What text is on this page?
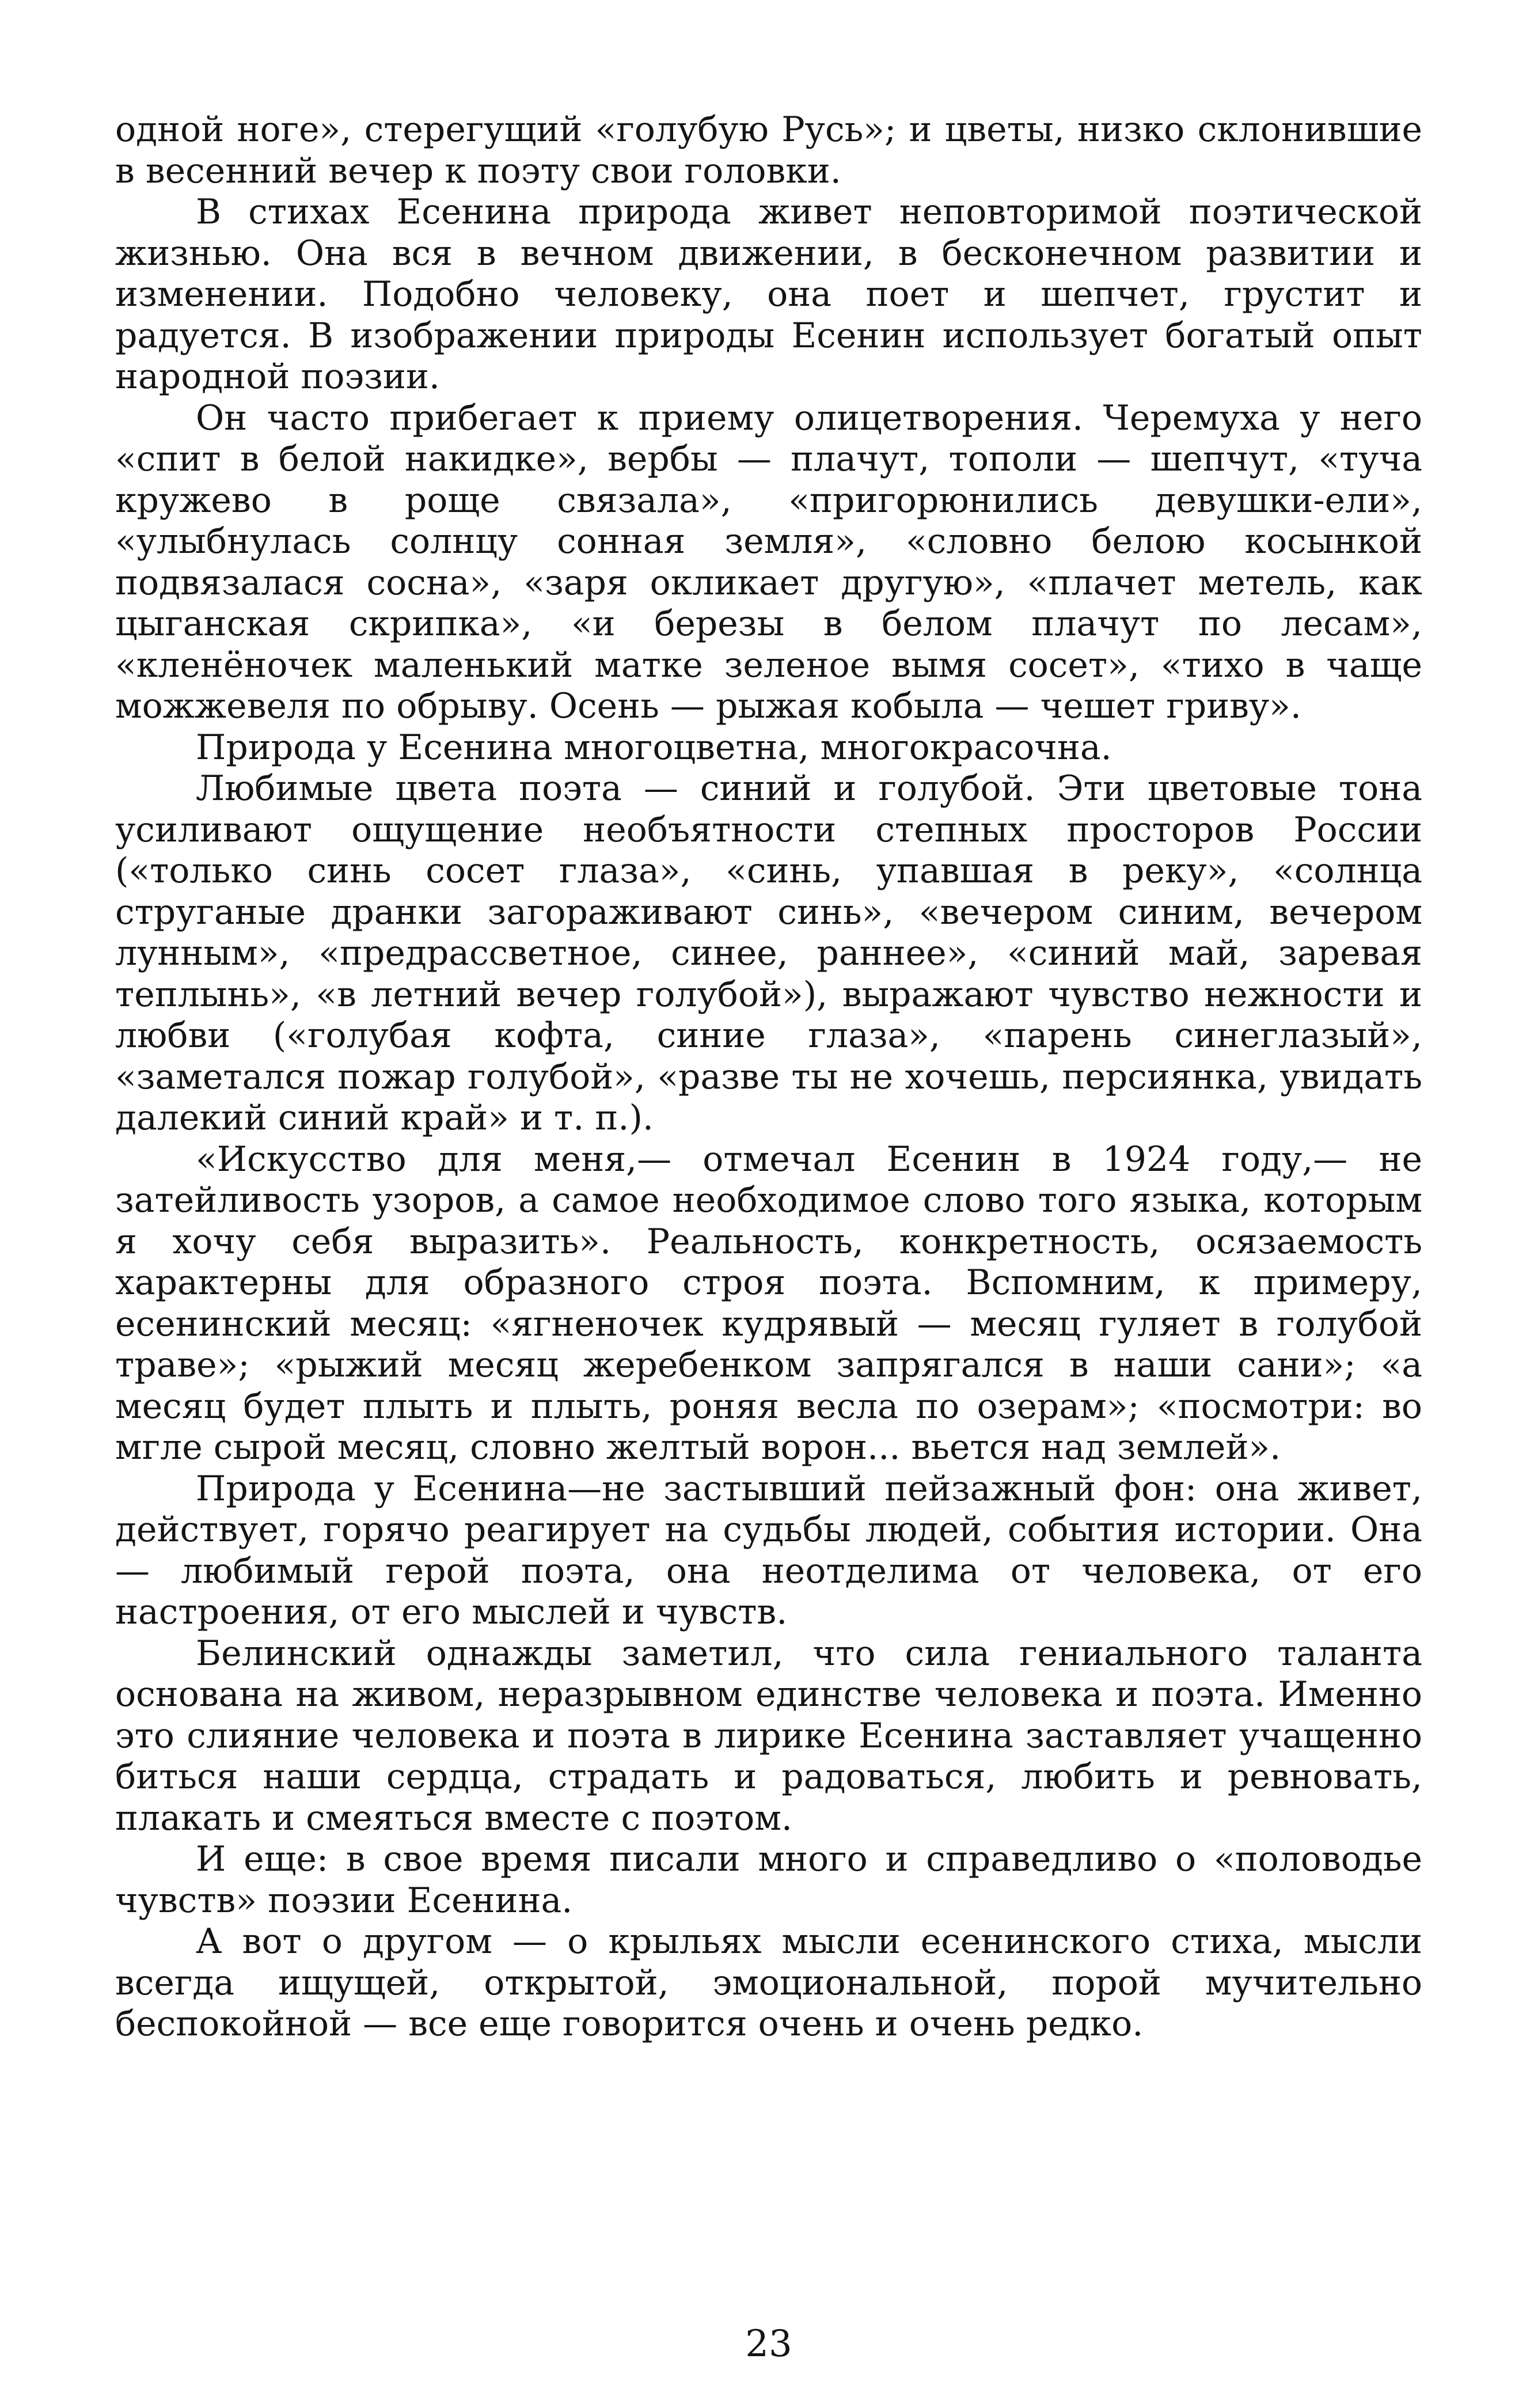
одной ноге», стерегущий «голубую Русь»; и цветы, низко склонившие в весенний вечер к поэту свои головки.

В стихах Есенина природа живет неповторимой поэтической жизнью. Она вся в вечном движении, в бесконечном развитии и изменении. Подобно человеку, она поет и шепчет, грустит и радуется. В изображении природы Есенин использует богатый опыт народной поэзии.

Он часто прибегает к приему олицетворения. Черемуха у него «спит в белой накидке», вербы — плачут, тополи — шепчут, «туча кружево в роще связала», «пригорюнились девушки-ели», «улыбнулась солнцу сонная земля», «словно белою косынкой подвязалася сосна», «заря окликает другую», «плачет метель, как цыганская скрипка», «и березы в белом плачут по лесам», «кленёночек маленький матке зеленое вымя сосет», «тихо в чаще можжевеля по обрыву. Осень — рыжая кобыла — чешет гриву».

Природа у Есенина многоцветна, многокрасочна.

Любимые цвета поэта — синий и голубой. Эти цветовые тона усиливают ощущение необъятности степных просторов России («только синь сосет глаза», «синь, упавшая в реку», «солнца струганые дранки загораживают синь», «вечером синим, вечером лунным», «предрассветное, синее, раннее», «синий май, заревая теплынь», «в летний вечер голубой»), выражают чувство нежности и любви («голубая кофта, синие глаза», «парень синеглазый», «заметался пожар голубой», «разве ты не хочешь, персиянка, увидать далекий синий край» и т. п.).

«Искусство для меня,— отмечал Есенин в 1924 году,— не затейливость узоров, а самое необходимое слово того языка, которым я хочу себя выразить». Реальность, конкретность, осязаемость характерны для образного строя поэта. Вспомним, к примеру, есенинский месяц: «ягненочек кудрявый — месяц гуляет в голубой траве»; «рыжий месяц жеребенком запрягался в наши сани»; «а месяц будет плыть и плыть, роняя весла по озерам»; «посмотри: во мгле сырой месяц, словно желтый ворон... вьется над землей».

Природа у Есенина—не застывший пейзажный фон: она живет, действует, горячо реагирует на судьбы людей, события истории. Она — любимый герой поэта, она неотделима от человека, от его настроения, от его мыслей и чувств.

Белинский однажды заметил, что сила гениального таланта основана на живом, неразрывном единстве человека и поэта. Именно это слияние человека и поэта в лирике Есенина заставляет учащенно биться наши сердца, страдать и радоваться, любить и ревновать, плакать и смеяться вместе с поэтом.

И еще: в свое время писали много и справедливо о «половодье чувств» поэзии Есенина.

А вот о другом — о крыльях мысли есенинского стиха, мысли всегда ищущей, открытой, эмоциональной, порой мучительно беспокойной — все еще говорится очень и очень редко.

23
